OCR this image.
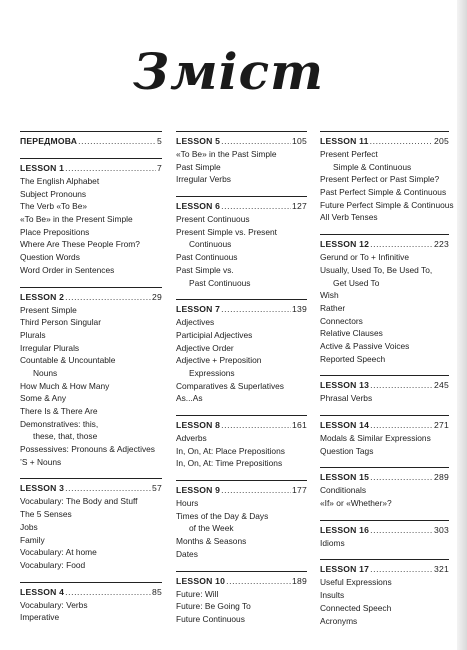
Зміст
ПЕРЕДМОВА .....	5
LESSON 1 .....	7
The English Alphabet
Subject Pronouns
The Verb «To Be»
«To Be» in the Present Simple
Place Prepositions
Where Are These People From?
Question Words
Word Order in Sentences
LESSON 2 .....	29
Present Simple
Third Person Singular
Plurals
Irregular Plurals
Countable & Uncountable
Nouns
How Much & How Many
Some & Any
There Is & There Are
Demonstratives: this,
these, that, those
Possessives: Pronouns & Adjectives
’S + Nouns
LESSON 3 .....	57
Vocabulary: The Body and Stuff
The 5 Senses
Jobs
Family
Vocabulary: At home
Vocabulary: Food
LESSON 4 .....	85
Vocabulary: Verbs
Imperative
LESSON 5 .....	105
«To Be» in the Past Simple
Past Simple
Irregular Verbs
LESSON 6 .....	127
Present Continuous
Present Simple vs. Present
Continuous
Past Continuous
Past Simple vs.
Past Continuous
LESSON 7 .....	139
Adjectives
Participial Adjectives
Adjective Order
Adjective + Preposition
Expressions
Comparatives & Superlatives
As...As
LESSON 8 .....	161
Adverbs
In, On, At: Place Prepositions
In, On, At: Time Prepositions
LESSON 9 .....	177
Hours
Times of the Day & Days
of the Week
Months & Seasons
Dates
LESSON 10 .....	189
Future: Will
Future: Be Going To
Future Continuous
LESSON 11 .....	205
Present Perfect
Simple & Continuous
Present Perfect or Past Simple?
Past Perfect Simple & Continuous
Future Perfect Simple & Continuous
All Verb Tenses
LESSON 12 .....	223
Gerund or To + Infinitive
Usually, Used To, Be Used To,
Get Used To
Wish
Rather
Connectors
Relative Clauses
Active & Passive Voices
Reported Speech
LESSON 13 .....	245
Phrasal Verbs
LESSON 14 .....	271
Modals & Similar Expressions
Question Tags
LESSON 15 .....	289
Conditionals
«If» or «Whether»?
LESSON 16 .....	303
Idioms
LESSON 17 .....	321
Useful Expressions
Insults
Connected Speech
Acronyms
